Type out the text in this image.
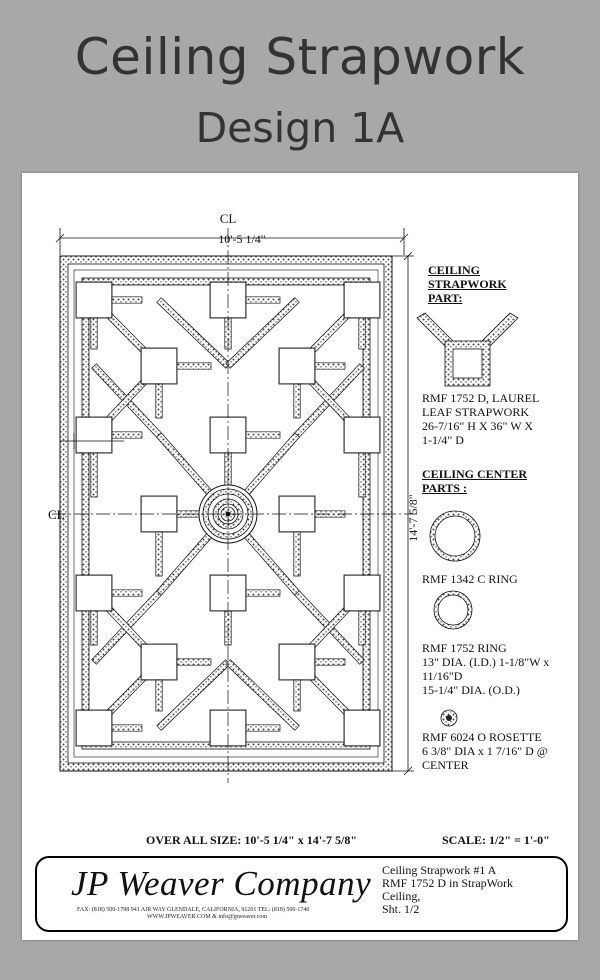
Ceiling Strapwork
Design 1A
10'-5 1/4"
CL
14'-7 5/8"
CL
CEILING
STRAPWORK
PART:
RMF 1752 D, LAUREL
LEAF STRAPWORK
26-7/16" H X 36" W X
1-1/4" D
CEILING CENTER
PARTS :
RMF 1342 C RING
RMF 1752 RING
13" DIA. (I.D.) 1-1/8"W x
11/16"D
15-1/4" DIA. (O.D.)
RMF 6024 O ROSETTE
6 3/8" DIA x 1 7/16" D @
CENTER
OVER ALL SIZE: 10'-5 1/4" x 14'-7 5/8"	SCALE: 1/2" = 1'-0"
JP Weaver Company
FAX: (818) 500-1798 941 AIR WAY GLENDALE, CALIFORNIA, 91201 TEL: (818) 500-1740
WWW.JPWEAVER.COM & info@jpweaver.com
Ceiling Strapwork #1 A
RMF 1752 D in StrapWork
Ceiling,
Sht. 1/2
